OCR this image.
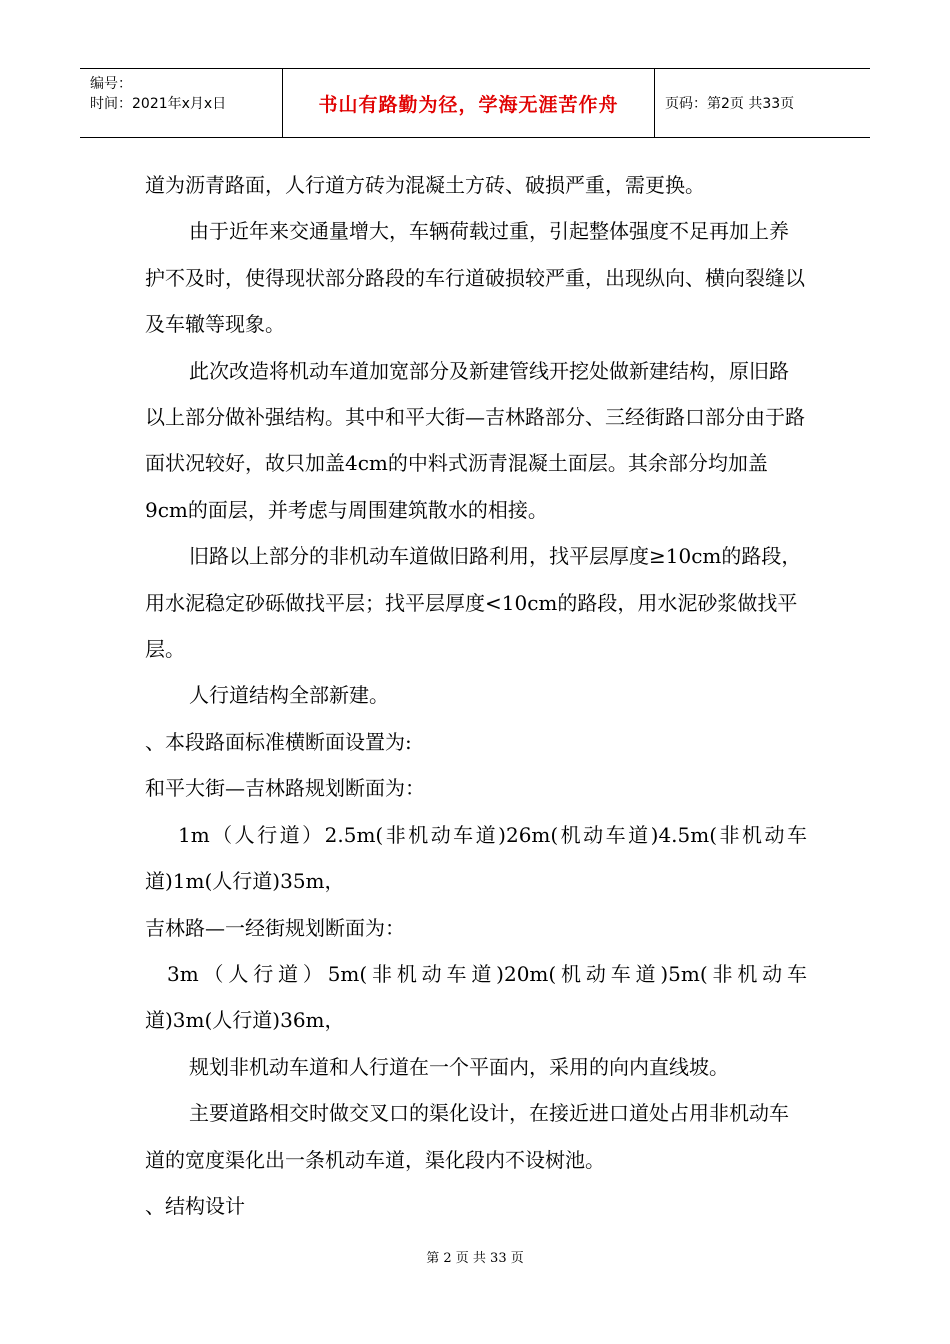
编号：
时间：2021年x月x日	书山有路勤为径，学海无涯苦作舟	页码：第2页 共33页

道为沥青路面，人行道方砖为混凝土方砖、破损严重，需更换。

由于近年来交通量增大，车辆荷载过重，引起整体强度不足再加上养护不及时，使得现状部分路段的车行道破损较严重，出现纵向、横向裂缝以及车辙等现象。

此次改造将机动车道加宽部分及新建管线开挖处做新建结构，原旧路以上部分做补强结构。其中和平大街—吉林路部分、三经街路口部分由于路面状况较好，故只加盖4cm的中料式沥青混凝土面层。其余部分均加盖9cm的面层，并考虑与周围建筑散水的相接。

旧路以上部分的非机动车道做旧路利用，找平层厚度≥10cm的路段，用水泥稳定砂砾做找平层；找平层厚度<10cm的路段，用水泥砂浆做找平层。

人行道结构全部新建。

、本段路面标准横断面设置为:

和平大街—吉林路规划断面为：

1m（人行道）2.5m(非机动车道)26m(机动车道)4.5m(非机动车

道)1m(人行道)35m，

吉林路—一经街规划断面为：

3m（人行道）5m(非机动车道)20m(机动车道)5m(非机动车

道)3m(人行道)36m，

规划非机动车道和人行道在一个平面内，采用的向内直线坡。

主要道路相交时做交叉口的渠化设计，在接近进口道处占用非机动车道的宽度渠化出一条机动车道，渠化段内不设树池。

、结构设计

第 2 页 共 33 页
